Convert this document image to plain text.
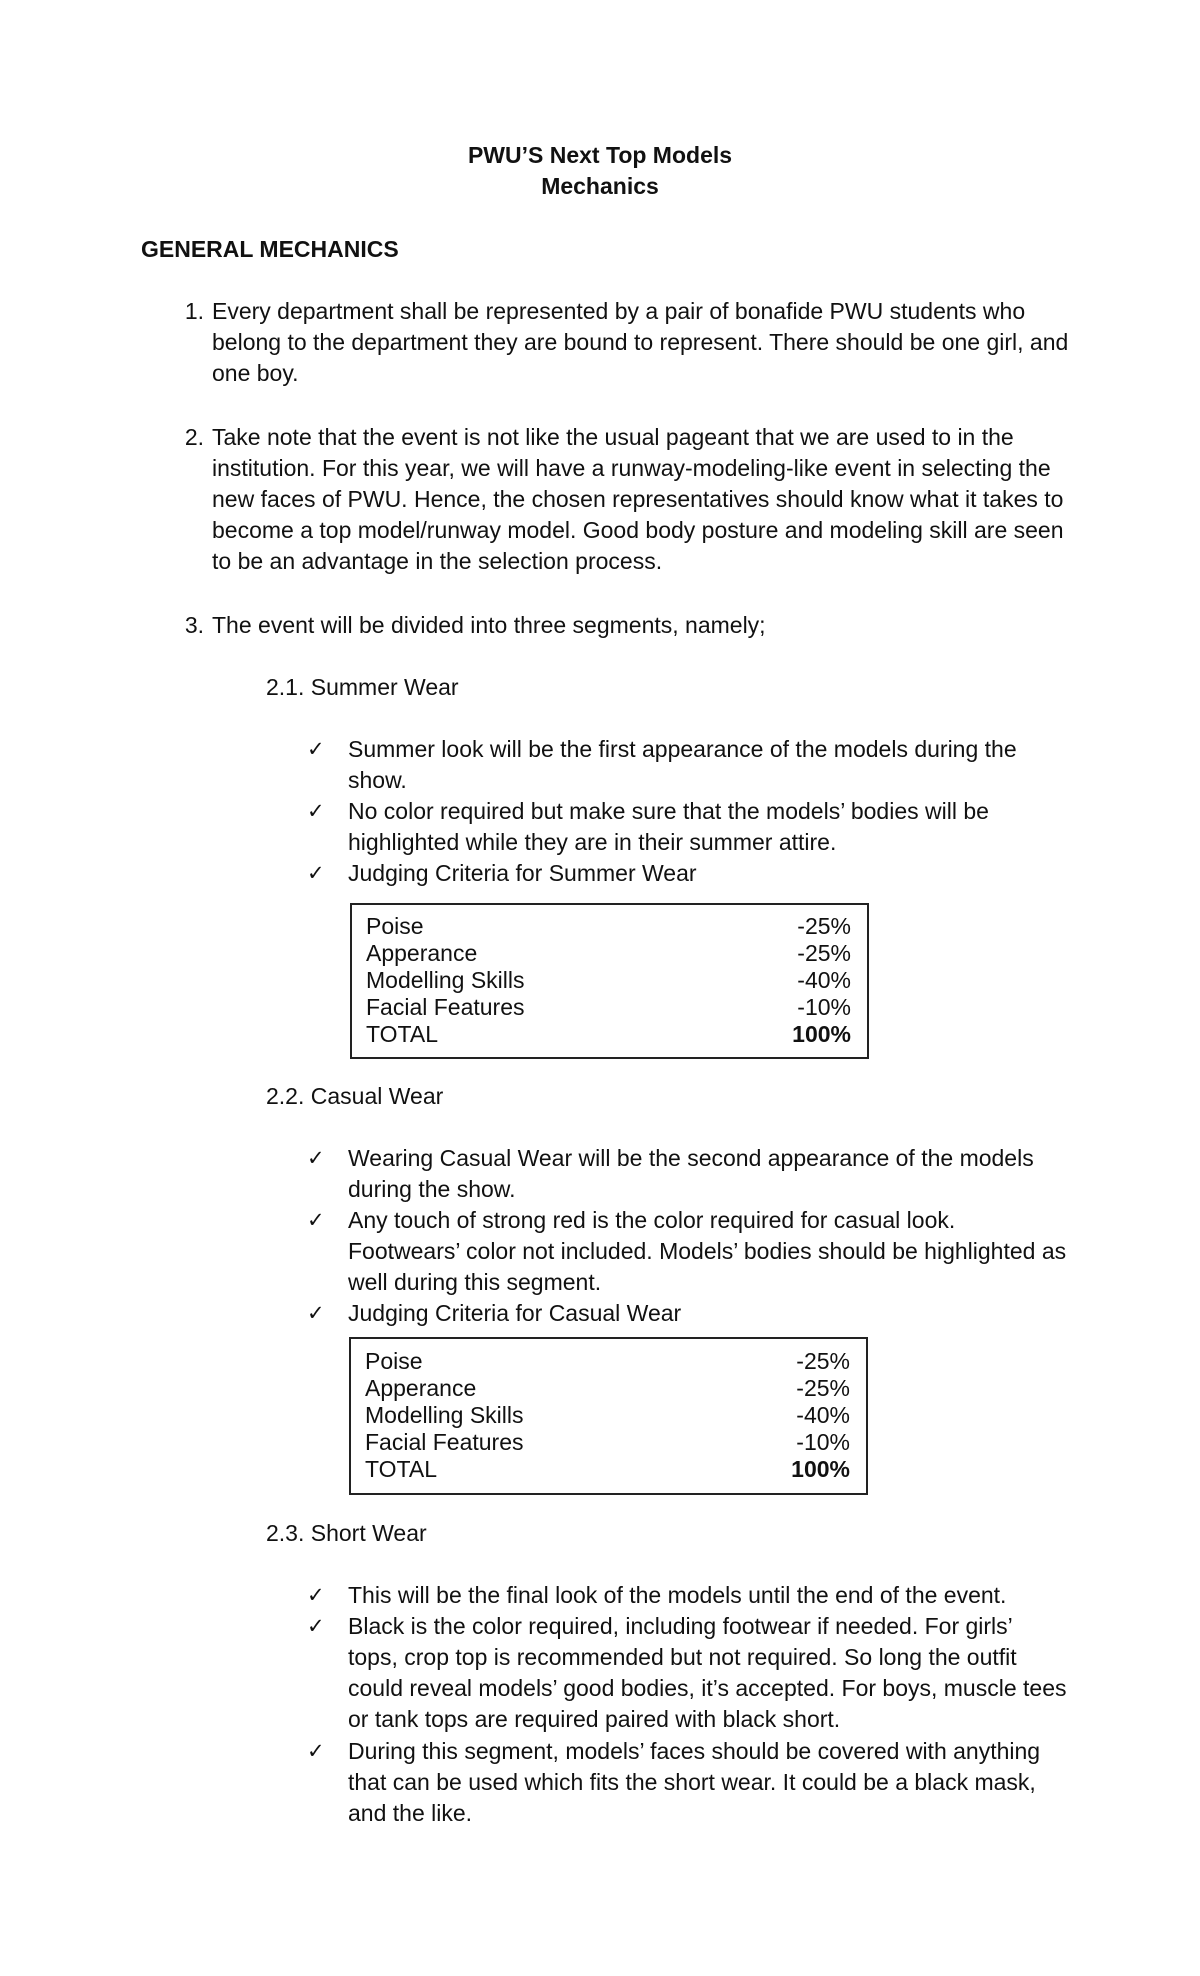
PWU’S Next Top Models
Mechanics
GENERAL MECHANICS
1. Every department shall be represented by a pair of bonafide PWU students who belong to the department they are bound to represent. There should be one girl, and one boy.
2. Take note that the event is not like the usual pageant that we are used to in the institution. For this year, we will have a runway-modeling-like event in selecting the new faces of PWU. Hence, the chosen representatives should know what it takes to become a top model/runway model. Good body posture and modeling skill are seen to be an advantage in the selection process.
3. The event will be divided into three segments, namely;
2.1. Summer Wear
✓ Summer look will be the first appearance of the models during the show.
✓ No color required but make sure that the models’ bodies will be highlighted while they are in their summer attire.
✓ Judging Criteria for Summer Wear
Poise	-25%
Apperance	-25%
Modelling Skills	-40%
Facial Features	-10%
TOTAL	100%
2.2. Casual Wear
✓ Wearing Casual Wear will be the second appearance of the models during the show.
✓ Any touch of strong red is the color required for casual look. Footwears’ color not included. Models’ bodies should be highlighted as well during this segment.
✓ Judging Criteria for Casual Wear
Poise	-25%
Apperance	-25%
Modelling Skills	-40%
Facial Features	-10%
TOTAL	100%
2.3. Short Wear
✓ This will be the final look of the models until the end of the event.
✓ Black is the color required, including footwear if needed. For girls’ tops, crop top is recommended but not required. So long the outfit could reveal models’ good bodies, it’s accepted. For boys, muscle tees or tank tops are required paired with black short.
✓ During this segment, models’ faces should be covered with anything that can be used which fits the short wear. It could be a black mask, and the like.
